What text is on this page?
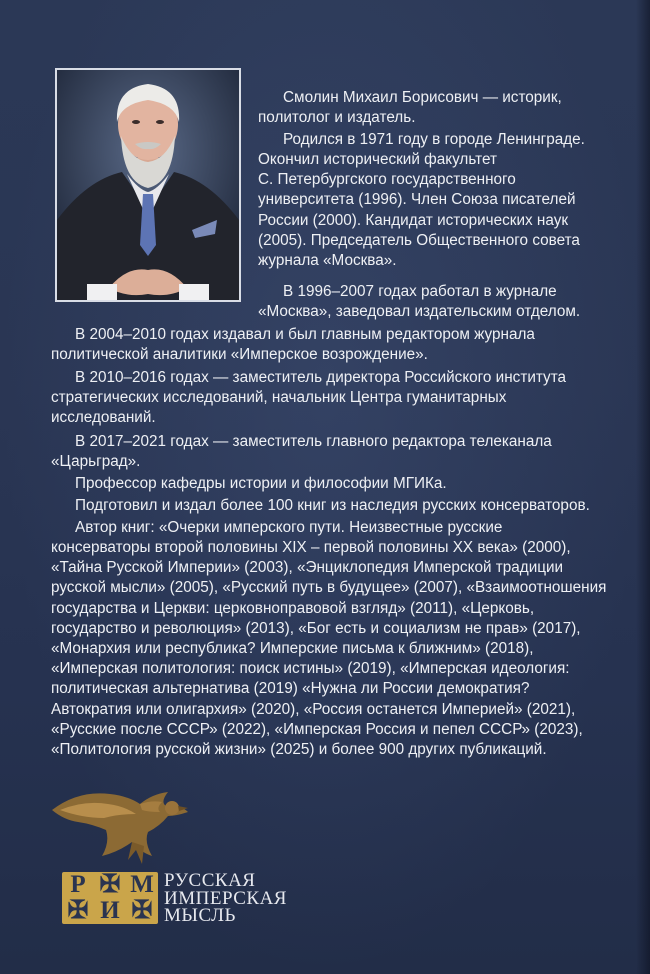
Смолин Михаил Борисович — историк,

политолог и издатель.

Родился в 1971 году в городе Ленинграде.

Окончил исторический факультет
С. Петербургского государственного
университета (1996). Член Союза писателей
России (2000). Кандидат исторических наук
(2005). Председатель Общественного совета
журнала «Москва».

В 1996–2007 годах работал в журнале

«Москва», заведовал издательским отделом.

В 2004–2010 годах издавал и был главным редактором журнала

политической аналитики «Имперское возрождение».

В 2010–2016 годах — заместитель директора Российского института

стратегических исследований, начальник Центра гуманитарных
исследований.

В 2017–2021 годах — заместитель главного редактора телеканала

«Царьград».

Профессор кафедры истории и философии МГИКа.

Подготовил и издал более 100 книг из наследия русских консерваторов.

Автор книг: «Очерки имперского пути. Неизвестные русские

консерваторы второй половины XIX – первой половины XX века» (2000),
«Тайна Русской Империи» (2003), «Энциклопедия Имперской традиции
русской мысли» (2005), «Русский путь в будущее» (2007), «Взаимоотношения
государства и Церкви: церковноправовой взгляд» (2011), «Церковь,
государство и революция» (2013), «Бог есть и социализм не прав» (2017),
«Монархия или республика? Имперские письма к ближним» (2018),
«Имперская политология: поиск истины» (2019), «Имперская идеология:
политическая альтернатива (2019) «Нужна ли России демократия?
Автократия или олигархия» (2020), «Россия останется Империей» (2021),
«Русские после СССР» (2022), «Имперская Россия и пепел СССР» (2023),
«Политология русской жизни» (2025) и более 900 других публикаций.

Р ✠ М
✠ И ✠
РУССКАЯ
ИМПЕРСКАЯ
МЫСЛЬ
